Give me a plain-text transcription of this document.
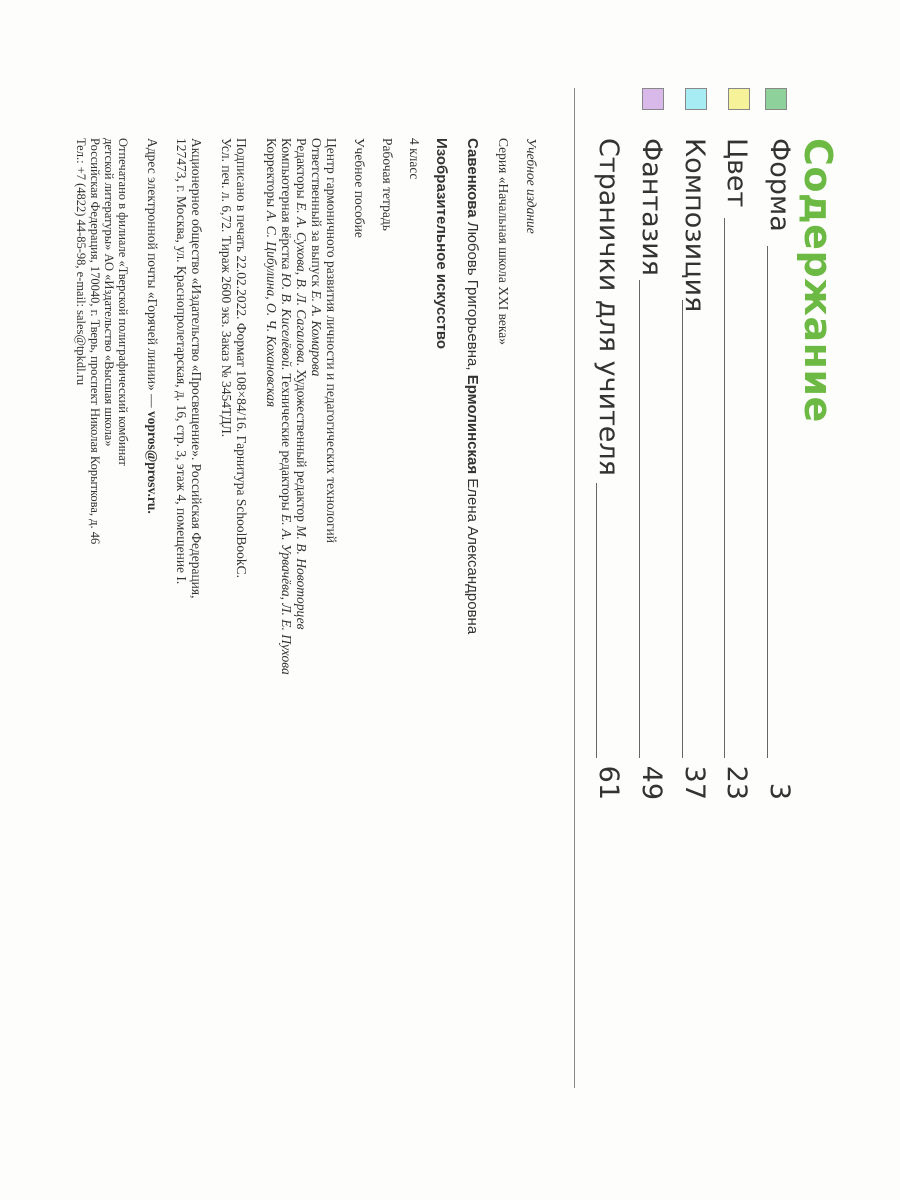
Содержание
Форма
3
Цвет
23
Композиция
37
Фантазия
49
Странички для учителя
61
Учебное издание
Серия «Начальная школа XXI века»
Савенкова Любовь Григорьевна, Ермолинская Елена Александровна
Изобразительное искусство
4 класс
Рабочая тетрадь
Учебное пособие
Центр гармоничного развития личности и педагогических технологий
Ответственный за выпуск Е. А. Комарова
Редакторы Е. А. Сухова, В. Л. Сагалова. Художественный редактор М. В. Новоторцев
Компьютерная вёрстка Ю. В. Киселёвой. Технические редакторы Е. А. Урвачёва, Л. Е. Пухова
Корректоры А. С. Цибулина, О. Ч. Кохановская
Подписано в печать 22.02.2022. Формат 108×84/16. Гарнитура SchoolBookC.
Усл. печ. л. 6,72. Тираж 2600 экз. Заказ № 3454ТДЛ.
Акционерное общество «Издательство «Просвещение». Российская Федерация,
127473, г. Москва, ул. Краснопролетарская, д. 16, стр. 3, этаж 4, помещение I.
Адрес электронной почты «Горячей линии» — vopros@prosv.ru.
Отпечатано в филиале «Тверской полиграфический комбинат
детской литературы» АО «Издательство «Высшая школа»
Российская Федерация, 170040, г. Тверь, проспект Николая Корыткова, д. 46
Тел.: +7 (4822) 44-85-98, e-mail: sales@tpkdl.ru
